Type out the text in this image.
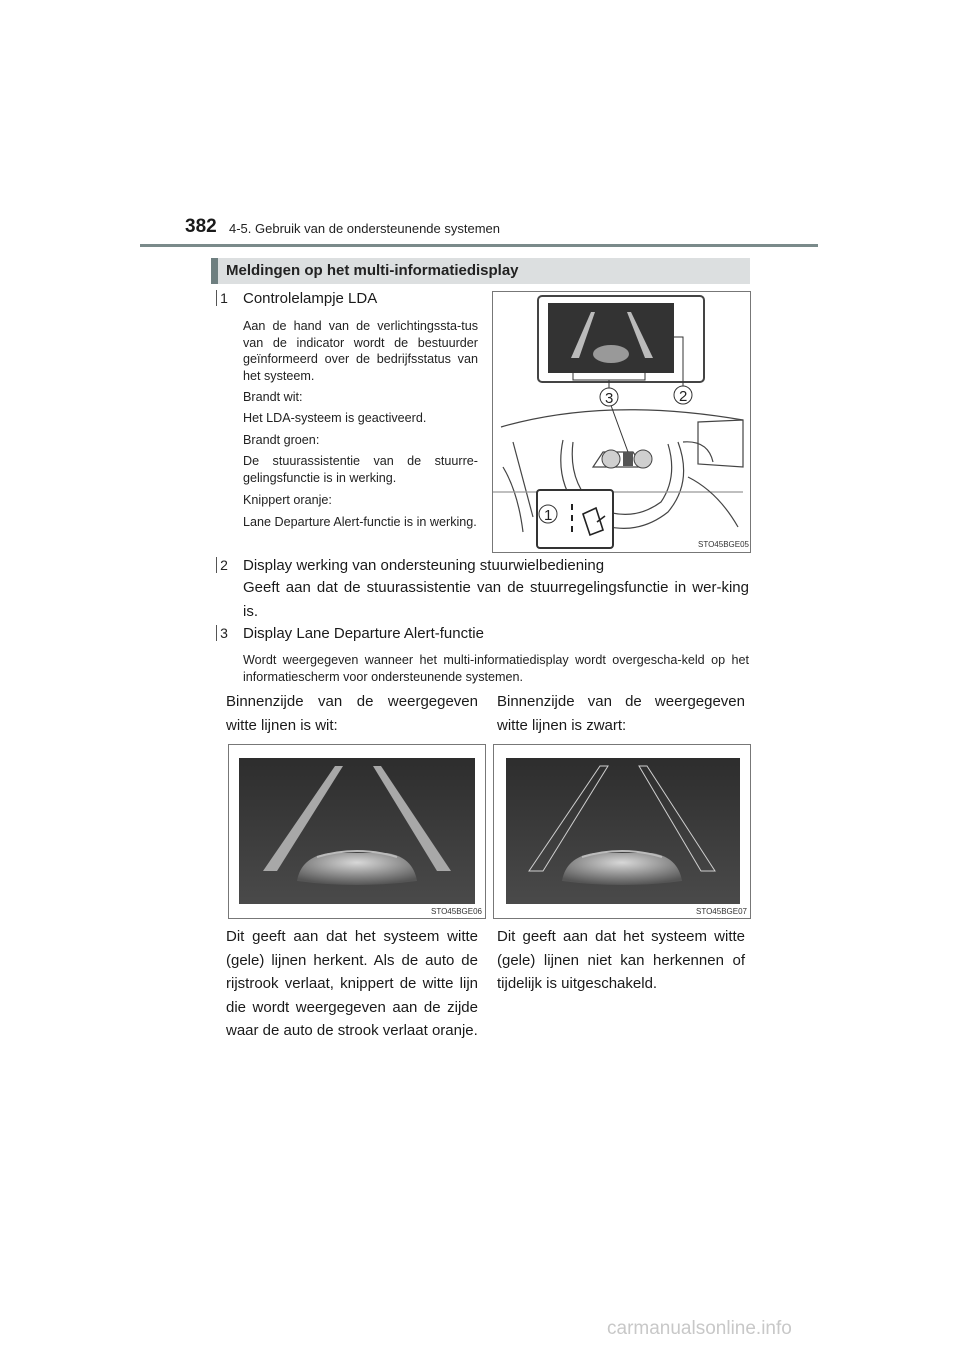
382 4-5. Gebruik van de ondersteunende systemen
Meldingen op het multi-informatiedisplay
1 Controlelampje LDA
Aan de hand van de verlichtingssta-tus van de indicator wordt de bestuurder geïnformeerd over de bedrijfsstatus van het systeem.
Brandt wit:
Het LDA-systeem is geactiveerd.
Brandt groen:
De stuurassistentie van de stuurre-gelingsfunctie is in werking.
Knippert oranje:
Lane Departure Alert-functie is in werking.
3	2
1
STO45BGE05
2 Display werking van ondersteuning stuurwielbediening
Geeft aan dat de stuurassistentie van de stuurregelingsfunctie in wer-king is.
3 Display Lane Departure Alert-functie
Wordt weergegeven wanneer het multi-informatiedisplay wordt overgescha-keld op het informatiescherm voor ondersteunende systemen.
Binnenzijde van de weergegeven witte lijnen is wit:
Binnenzijde van de weergegeven witte lijnen is zwart:
STO45BGE06	STO45BGE07
Dit geeft aan dat het systeem witte (gele) lijnen herkent. Als de auto de rijstrook verlaat, knippert de witte lijn die wordt weergegeven aan de zijde waar de auto de strook verlaat oranje.
Dit geeft aan dat het systeem witte (gele) lijnen niet kan herkennen of tijdelijk is uitgeschakeld.
carmanualsonline.info
